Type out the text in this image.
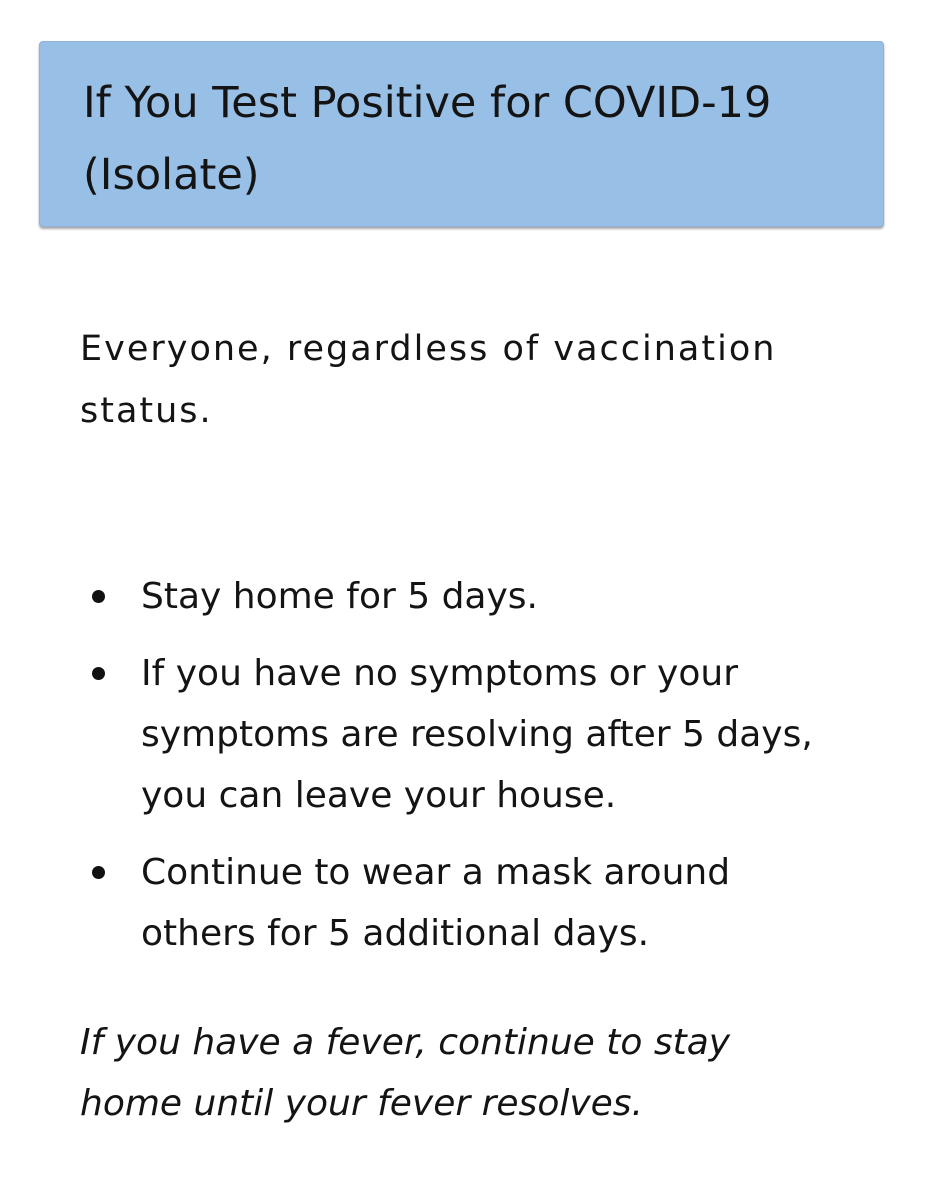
If You Test Positive for COVID-19 (Isolate)

Everyone, regardless of vaccination status.

Stay home for 5 days.
If you have no symptoms or your symptoms are resolving after 5 days, you can leave your house.
Continue to wear a mask around others for 5 additional days.

If you have a fever, continue to stay home until your fever resolves.
